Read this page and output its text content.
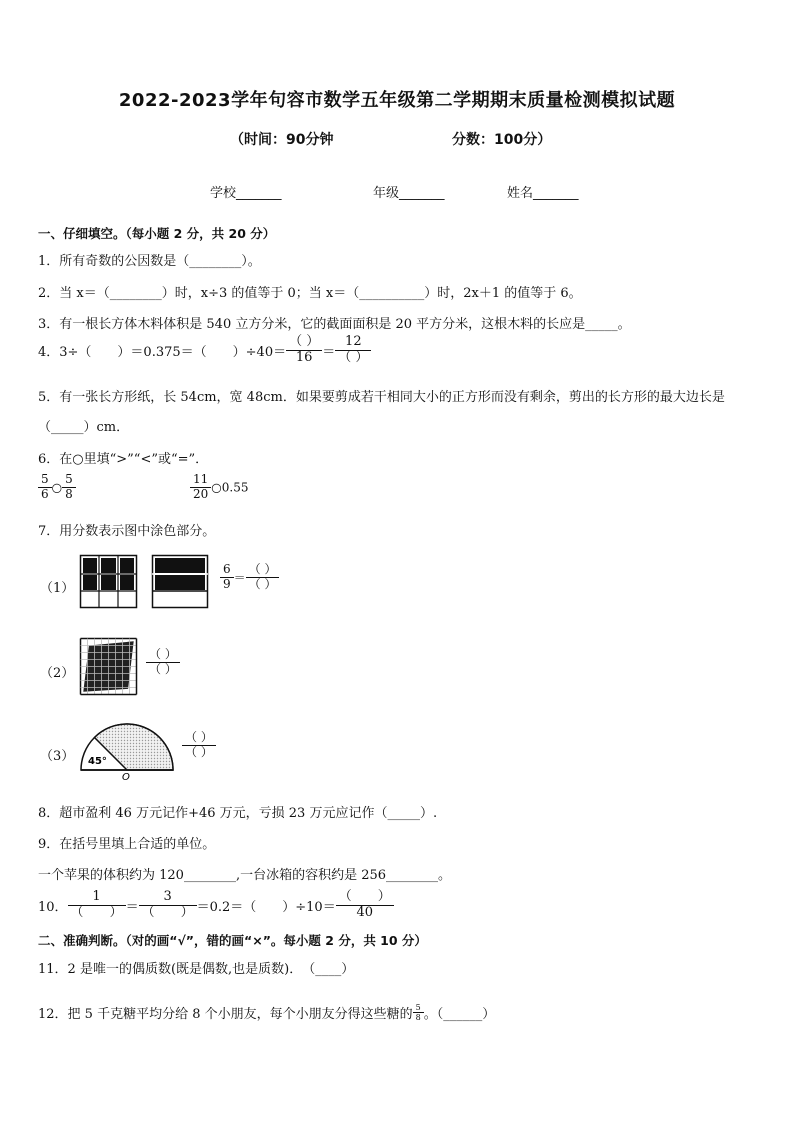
2022-2023学年句容市数学五年级第二学期期末质量检测模拟试题
（时间：90分钟	分数：100分）
学校_______	年级_______	姓名_______
一、仔细填空。（每小题 2 分，共 20 分）
1．所有奇数的公因数是（________）。
2．当 x＝（________）时，x÷3 的值等于 0；当 x＝（__________）时，2x＋1 的值等于 6。
3．有一根长方体木料体积是 540 立方分米，它的截面面积是 20 平方分米，这根木料的长应是_____。
4．3÷（　　）＝0.375＝（　　）$\div 40= \frac{( )}{16} = \frac{12}{( )}$
5．有一张长方形纸，长 54cm，宽 48cm．如果要剪成若干相同大小的正方形而没有剩余，剪出的长方形的最大边长是
（_____）cm．
6．在○里填“>”“<”或“=”．
$\frac{5}{6}$ ○ $\frac{5}{8}$	$\frac{11}{20}$ ○0.55
7．用分数表示图中涂色部分。
（1）	$\frac{6}{9} = \frac{( )}{( )}$
（2）	$\frac{( )}{( )}$
（3） 45°
O
$\frac{( )}{( )}$
8．超市盈利 46 万元记作+46 万元，亏损 23 万元应记作（_____）.
9．在括号里填上合适的单位。
一个苹果的体积约为 120________,一台冰箱的容积约是 256________。
10． $\frac{1}{( )} = \frac{3}{( )} =0.2=$（　　）$\div 10= \frac{( )}{40}$
二、准确判断。（对的画“√”，错的画“×”。每小题 2 分，共 10 分）
11．2 是唯一的偶质数(既是偶数,也是质数)．　（____）
12．把 5 千克糖平均分给 8 个小朋友，每个小朋友分得这些糖的 $\frac{5}{8}$ 。（______）
